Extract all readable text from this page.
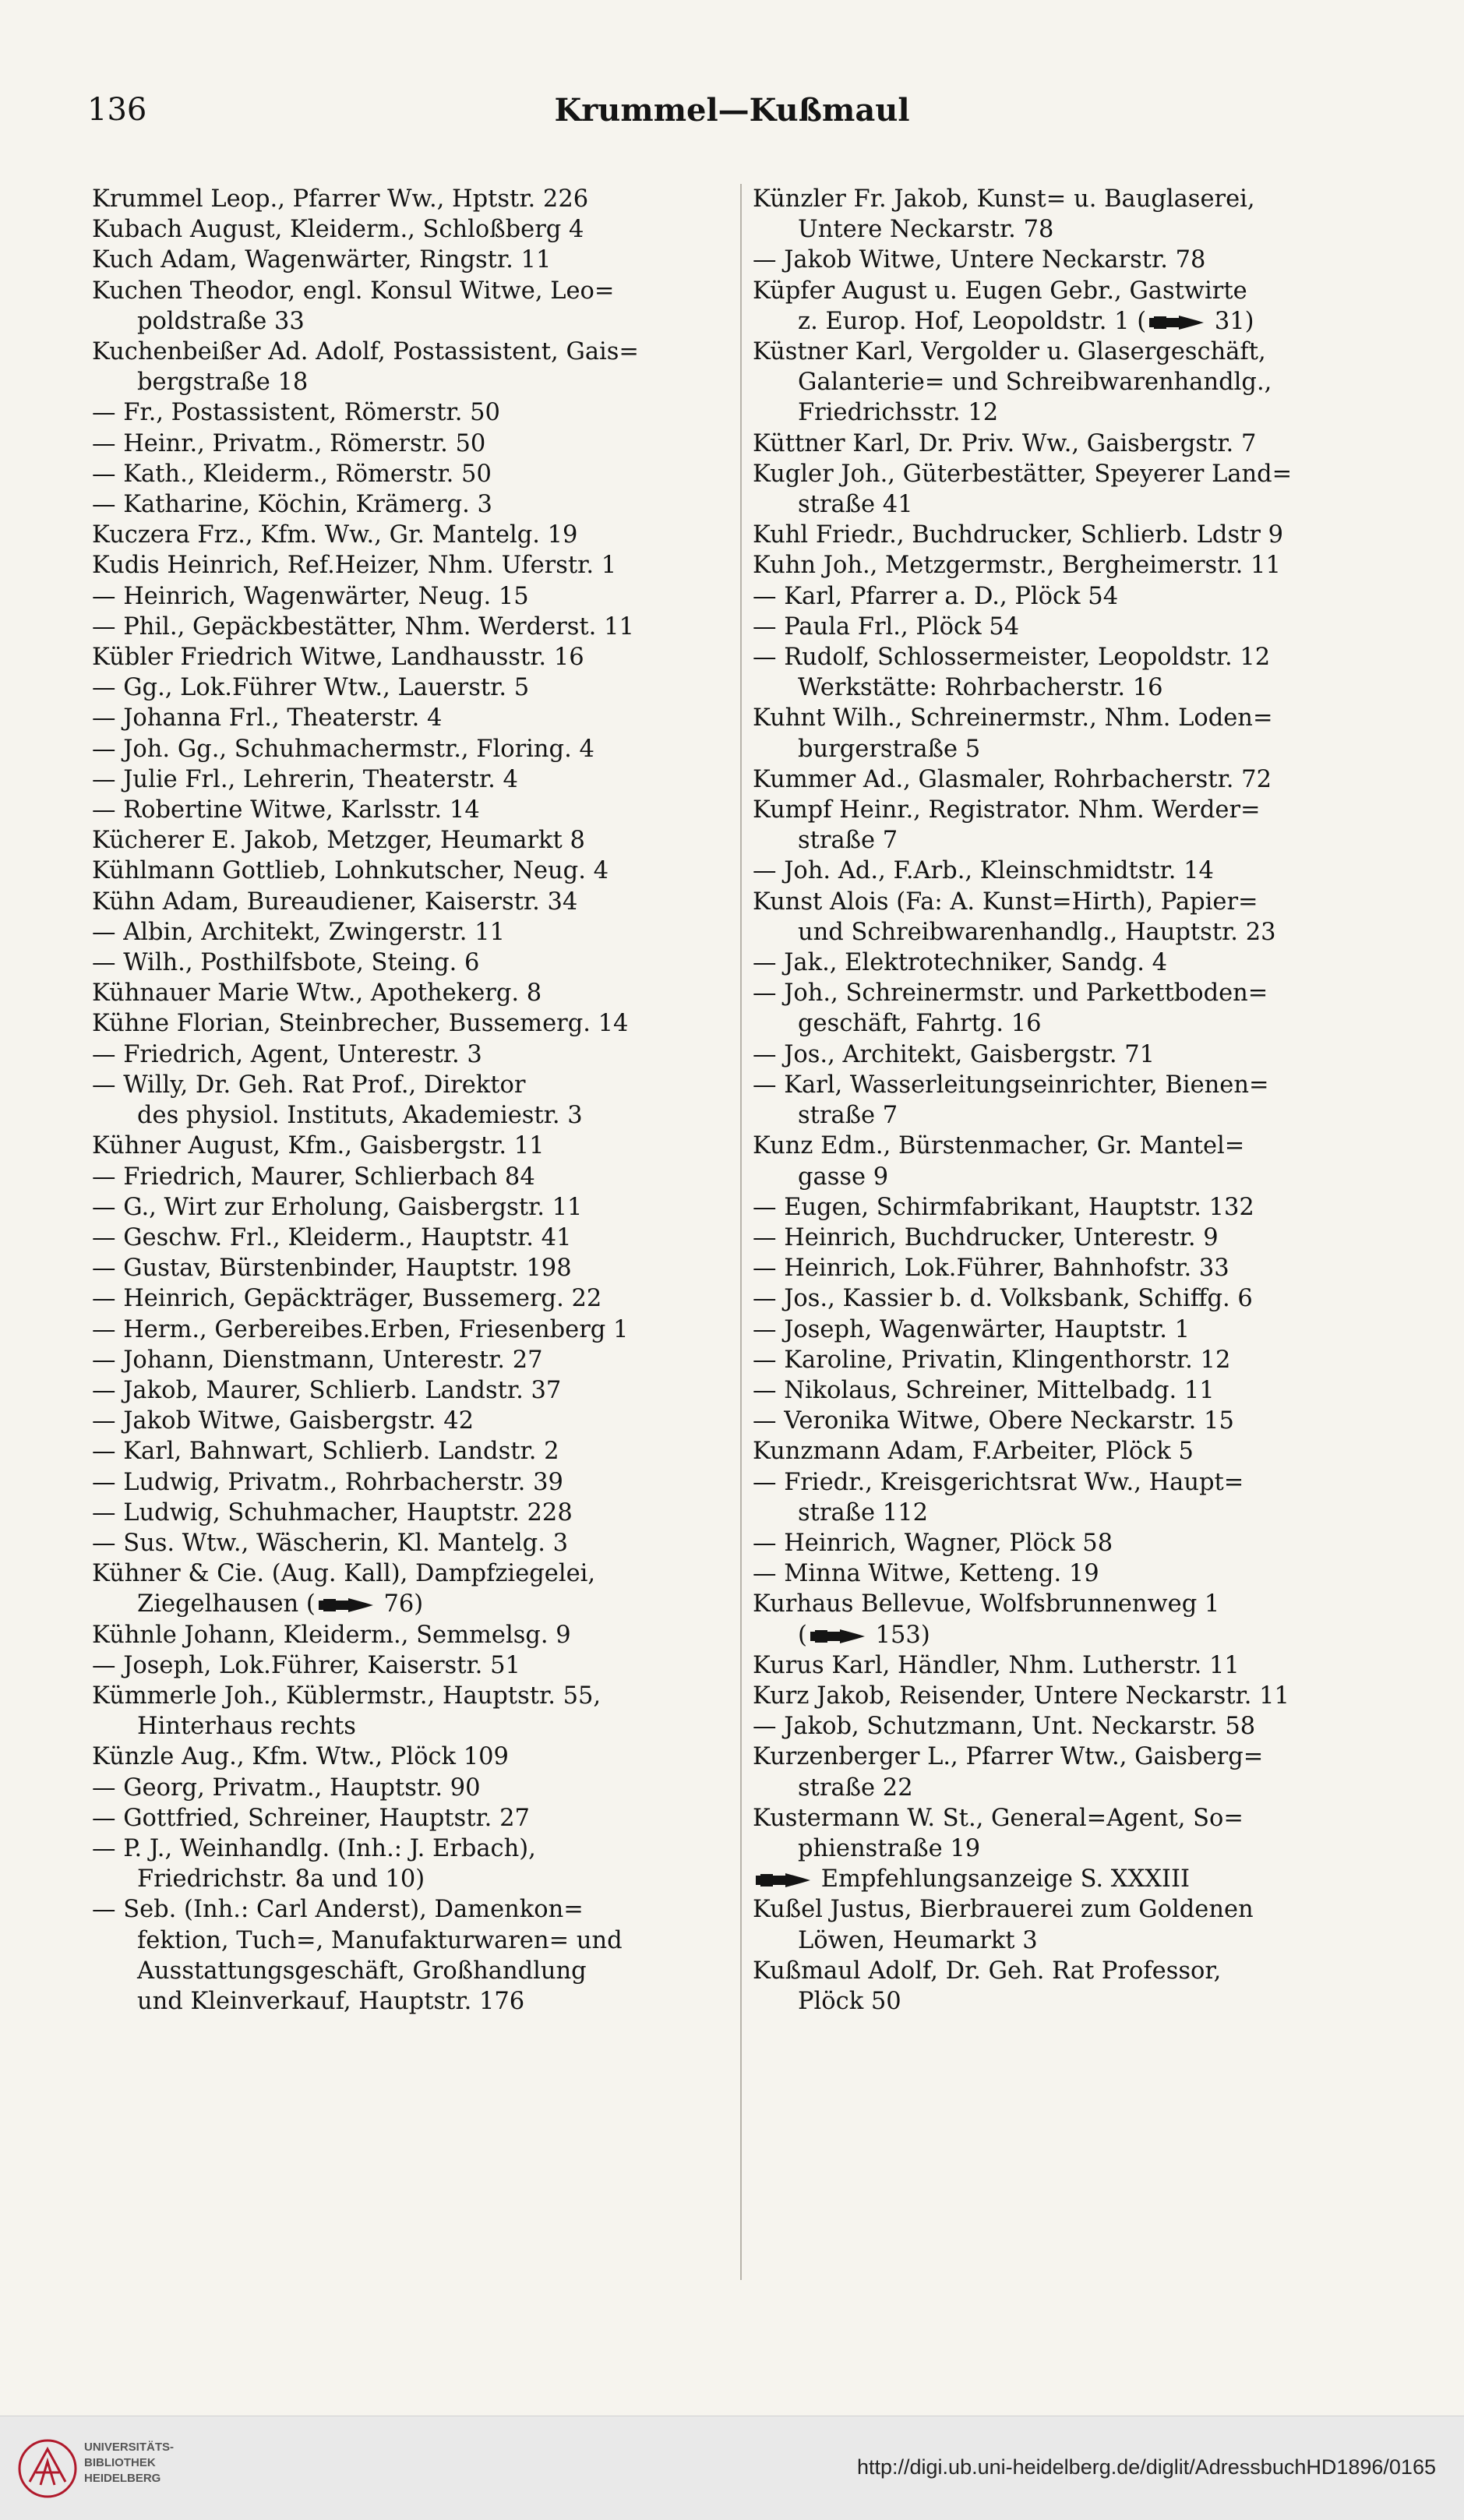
136	Krummel—Kußmaul
Krummel Leop., Pfarrer Ww., Hptstr. 226
Kubach August, Kleiderm., Schloßberg 4
Kuch Adam, Wagenwärter, Ringstr. 11
Kuchen Theodor, engl. Konsul Witwe, Leo=
poldstraße 33
Kuchenbeißer Ad. Adolf, Postassistent, Gais=
bergstraße 18
— Fr., Postassistent, Römerstr. 50
— Heinr., Privatm., Römerstr. 50
— Kath., Kleiderm., Römerstr. 50
— Katharine, Köchin, Krämerg. 3
Kuczera Frz., Kfm. Ww., Gr. Mantelg. 19
Kudis Heinrich, Ref.Heizer, Nhm. Uferstr. 1
— Heinrich, Wagenwärter, Neug. 15
— Phil., Gepäckbestätter, Nhm. Werderst. 11
Kübler Friedrich Witwe, Landhausstr. 16
— Gg., Lok.Führer Wtw., Lauerstr. 5
— Johanna Frl., Theaterstr. 4
— Joh. Gg., Schuhmachermstr., Floring. 4
— Julie Frl., Lehrerin, Theaterstr. 4
— Robertine Witwe, Karlsstr. 14
Kücherer E. Jakob, Metzger, Heumarkt 8
Kühlmann Gottlieb, Lohnkutscher, Neug. 4
Kühn Adam, Bureaudiener, Kaiserstr. 34
— Albin, Architekt, Zwingerstr. 11
— Wilh., Posthilfsbote, Steing. 6
Kühnauer Marie Wtw., Apothekerg. 8
Kühne Florian, Steinbrecher, Bussemerg. 14
— Friedrich, Agent, Unterestr. 3
— Willy, Dr. Geh. Rat Prof., Direktor
des physiol. Instituts, Akademiestr. 3
Kühner August, Kfm., Gaisbergstr. 11
— Friedrich, Maurer, Schlierbach 84
— G., Wirt zur Erholung, Gaisbergstr. 11
— Geschw. Frl., Kleiderm., Hauptstr. 41
— Gustav, Bürstenbinder, Hauptstr. 198
— Heinrich, Gepäckträger, Bussemerg. 22
— Herm., Gerbereibes.Erben, Friesenberg 1
— Johann, Dienstmann, Unterestr. 27
— Jakob, Maurer, Schlierb. Landstr. 37
— Jakob Witwe, Gaisbergstr. 42
— Karl, Bahnwart, Schlierb. Landstr. 2
— Ludwig, Privatm., Rohrbacherstr. 39
— Ludwig, Schuhmacher, Hauptstr. 228
— Sus. Wtw., Wäscherin, Kl. Mantelg. 3
Kühner & Cie. (Aug. Kall), Dampfziegelei,
Ziegelhausen (	76)
Kühnle Johann, Kleiderm., Semmelsg. 9
— Joseph, Lok.Führer, Kaiserstr. 51
Kümmerle Joh., Küblermstr., Hauptstr. 55,
Hinterhaus rechts
Künzle Aug., Kfm. Wtw., Plöck 109
— Georg, Privatm., Hauptstr. 90
— Gottfried, Schreiner, Hauptstr. 27
— P. J., Weinhandlg. (Inh.: J. Erbach),
Friedrichstr. 8a und 10)
— Seb. (Inh.: Carl Anderst), Damenkon=
fektion, Tuch=, Manufakturwaren= und
Ausstattungsgeschäft, Großhandlung
und Kleinverkauf, Hauptstr. 176
Künzler Fr. Jakob, Kunst= u. Bauglaserei,
Untere Neckarstr. 78
— Jakob Witwe, Untere Neckarstr. 78
Küpfer August u. Eugen Gebr., Gastwirte
z. Europ. Hof, Leopoldstr. 1 (	31)
Küstner Karl, Vergolder u. Glasergeschäft,
Galanterie= und Schreibwarenhandlg.,
Friedrichsstr. 12
Küttner Karl, Dr. Priv. Ww., Gaisbergstr. 7
Kugler Joh., Güterbestätter, Speyerer Land=
straße 41
Kuhl Friedr., Buchdrucker, Schlierb. Ldstr 9
Kuhn Joh., Metzgermstr., Bergheimerstr. 11
— Karl, Pfarrer a. D., Plöck 54
— Paula Frl., Plöck 54
— Rudolf, Schlossermeister, Leopoldstr. 12
Werkstätte: Rohrbacherstr. 16
Kuhnt Wilh., Schreinermstr., Nhm. Loden=
burgerstraße 5
Kummer Ad., Glasmaler, Rohrbacherstr. 72
Kumpf Heinr., Registrator. Nhm. Werder=
straße 7
— Joh. Ad., F.Arb., Kleinschmidtstr. 14
Kunst Alois (Fa: A. Kunst=Hirth), Papier=
und Schreibwarenhandlg., Hauptstr. 23
— Jak., Elektrotechniker, Sandg. 4
— Joh., Schreinermstr. und Parkettboden=
geschäft, Fahrtg. 16
— Jos., Architekt, Gaisbergstr. 71
— Karl, Wasserleitungseinrichter, Bienen=
straße 7
Kunz Edm., Bürstenmacher, Gr. Mantel=
gasse 9
— Eugen, Schirmfabrikant, Hauptstr. 132
— Heinrich, Buchdrucker, Unterestr. 9
— Heinrich, Lok.Führer, Bahnhofstr. 33
— Jos., Kassier b. d. Volksbank, Schiffg. 6
— Joseph, Wagenwärter, Hauptstr. 1
— Karoline, Privatin, Klingenthorstr. 12
— Nikolaus, Schreiner, Mittelbadg. 11
— Veronika Witwe, Obere Neckarstr. 15
Kunzmann Adam, F.Arbeiter, Plöck 5
— Friedr., Kreisgerichtsrat Ww., Haupt=
straße 112
— Heinrich, Wagner, Plöck 58
— Minna Witwe, Ketteng. 19
Kurhaus Bellevue, Wolfsbrunnenweg 1
(	153)
Kurus Karl, Händler, Nhm. Lutherstr. 11
Kurz Jakob, Reisender, Untere Neckarstr. 11
— Jakob, Schutzmann, Unt. Neckarstr. 58
Kurzenberger L., Pfarrer Wtw., Gaisberg=
straße 22
Kustermann W. St., General=Agent, So=
phienstraße 19
Empfehlungsanzeige S. XXXIII
Kußel Justus, Bierbrauerei zum Goldenen
Löwen, Heumarkt 3
Kußmaul Adolf, Dr. Geh. Rat Professor,
Plöck 50
UNIVERSITÄTS-
BIBLIOTHEK
HEIDELBERG	http://digi.ub.uni-heidelberg.de/diglit/AdressbuchHD1896/0165
